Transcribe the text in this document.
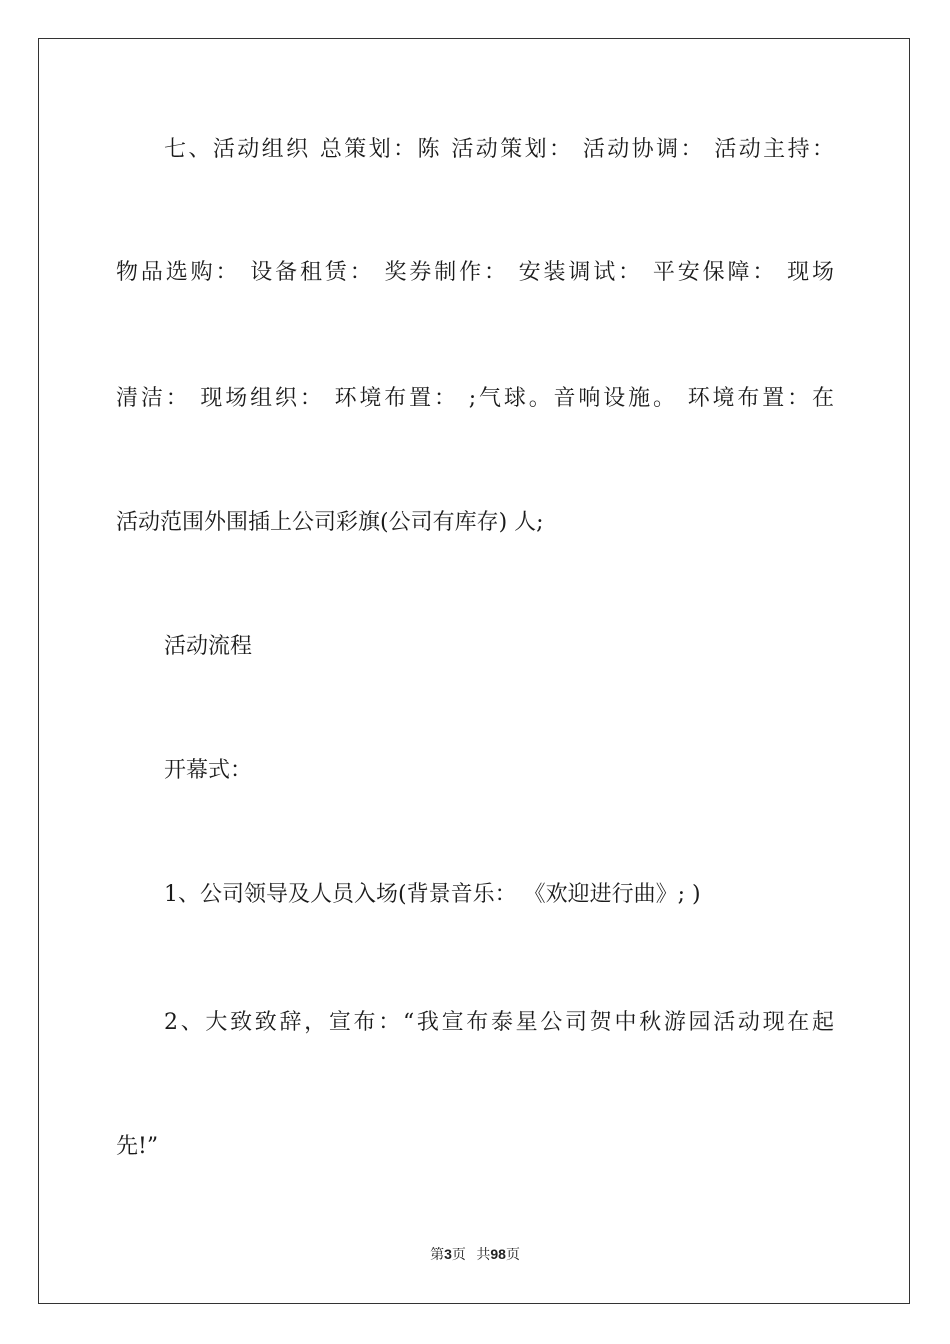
七、活动组织 总策划：陈 活动策划： 活动协调： 活动主持：
物品选购： 设备租赁： 奖券制作： 安装调试： 平安保障： 现场
清洁： 现场组织： 环境布置： ;气球。音响设施。 环境布置：在
活动范围外围插上公司彩旗(公司有库存) 人;
活动流程
开幕式：
1、公司领导及人员入场(背景音乐： 《欢迎进行曲》; )
2、大致致辞，宣布：“我宣布泰星公司贺中秋游园活动现在起
先!”
第3页 共98页
